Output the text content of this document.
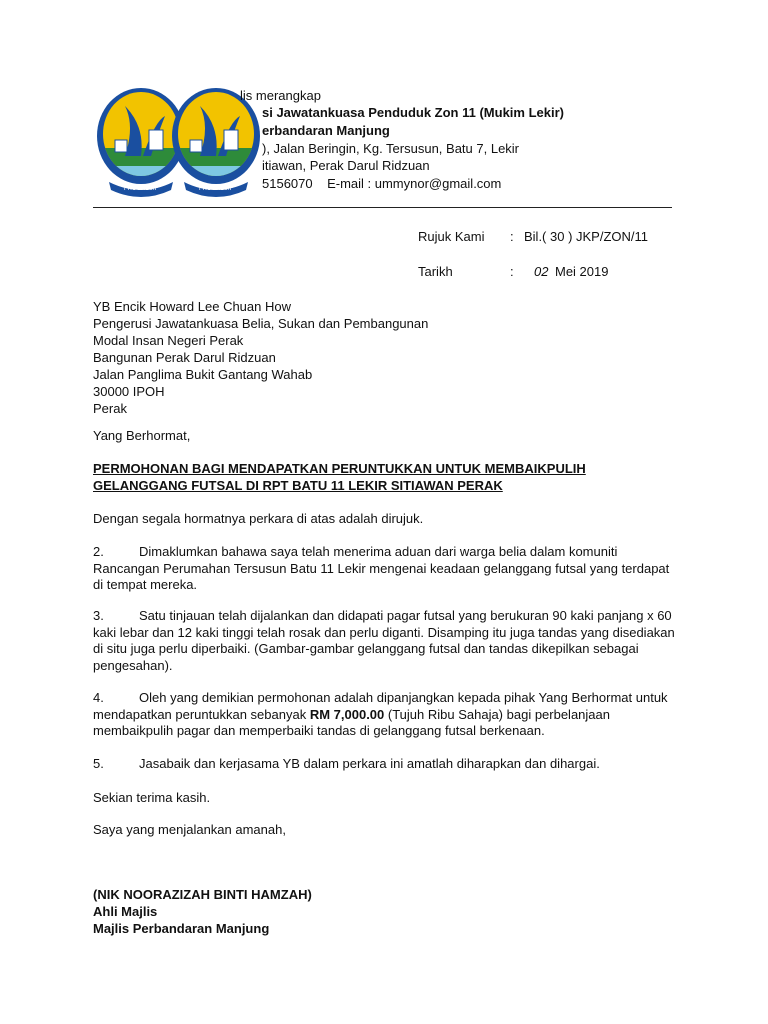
PROGRESIF	PROGRESIF
lis merangkap
si Jawatankuasa Penduduk Zon 11 (Mukim Lekir)
erbandaran Manjung
), Jalan Beringin, Kg. Tersusun, Batu 7, Lekir
itiawan, Perak Darul Ridzuan
5156070 E-mail : ummynor@gmail.com
Rujuk Kami : Bil.( 30 ) JKP/ZON/11
Tarikh	: 02 Mei 2019
YB Encik Howard Lee Chuan How
Pengerusi Jawatankuasa Belia, Sukan dan Pembangunan
Modal Insan Negeri Perak
Bangunan Perak Darul Ridzuan
Jalan Panglima Bukit Gantang Wahab
30000 IPOH
Perak
Yang Berhormat,
PERMOHONAN BAGI MENDAPATKAN PERUNTUKKAN UNTUK MEMBAIKPULIH
GELANGGANG FUTSAL DI RPT BATU 11 LEKIR SITIAWAN PERAK
Dengan segala hormatnya perkara di atas adalah dirujuk.
2.	Dimaklumkan bahawa saya telah menerima aduan dari warga belia dalam komuniti
Rancangan Perumahan Tersusun Batu 11 Lekir mengenai keadaan gelanggang futsal yang terdapat
di tempat mereka.
3.	Satu tinjauan telah dijalankan dan didapati pagar futsal yang berukuran 90 kaki panjang x 60
kaki lebar dan 12 kaki tinggi telah rosak dan perlu diganti. Disamping itu juga tandas yang disediakan
di situ juga perlu diperbaiki. (Gambar-gambar gelanggang futsal dan tandas dikepilkan sebagai
pengesahan).
4.	Oleh yang demikian permohonan adalah dipanjangkan kepada pihak Yang Berhormat untuk
mendapatkan peruntukkan sebanyak RM 7,000.00 (Tujuh Ribu Sahaja) bagi perbelanjaan
membaikpulih pagar dan memperbaiki tandas di gelanggang futsal berkenaan.
5.	Jasabaik dan kerjasama YB dalam perkara ini amatlah diharapkan dan dihargai.
Sekian terima kasih.
Saya yang menjalankan amanah,
(NIK NOORAZIZAH BINTI HAMZAH)
Ahli Majlis
Majlis Perbandaran Manjung
